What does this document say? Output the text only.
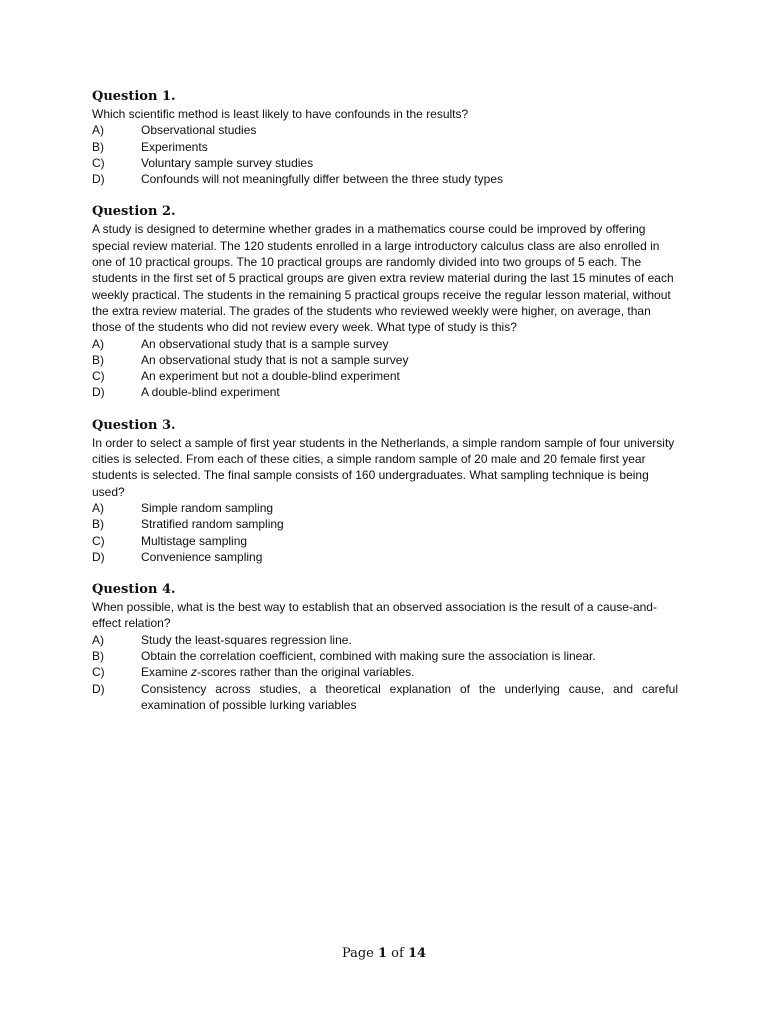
Question 1.
Which scientific method is least likely to have confounds in the results?
A)	Observational studies
B)	Experiments
C)	Voluntary sample survey studies
D)	Confounds will not meaningfully differ between the three study types
Question 2.
A study is designed to determine whether grades in a mathematics course could be improved by offering special review material. The 120 students enrolled in a large introductory calculus class are also enrolled in one of 10 practical groups. The 10 practical groups are randomly divided into two groups of 5 each. The students in the first set of 5 practical groups are given extra review material during the last 15 minutes of each weekly practical. The students in the remaining 5 practical groups receive the regular lesson material, without the extra review material. The grades of the students who reviewed weekly were higher, on average, than those of the students who did not review every week. What type of study is this?
A)	An observational study that is a sample survey
B)	An observational study that is not a sample survey
C)	An experiment but not a double-blind experiment
D)	A double-blind experiment
Question 3.
In order to select a sample of first year students in the Netherlands, a simple random sample of four university cities is selected. From each of these cities, a simple random sample of 20 male and 20 female first year students is selected. The final sample consists of 160 undergraduates. What sampling technique is being used?
A)	Simple random sampling
B)	Stratified random sampling
C)	Multistage sampling
D)	Convenience sampling
Question 4.
When possible, what is the best way to establish that an observed association is the result of a cause-and-effect relation?
A)	Study the least-squares regression line.
B)	Obtain the correlation coefficient, combined with making sure the association is linear.
C)	Examine z-scores rather than the original variables.
D)	Consistency across studies, a theoretical explanation of the underlying cause, and careful examination of possible lurking variables
Page 1 of 14
